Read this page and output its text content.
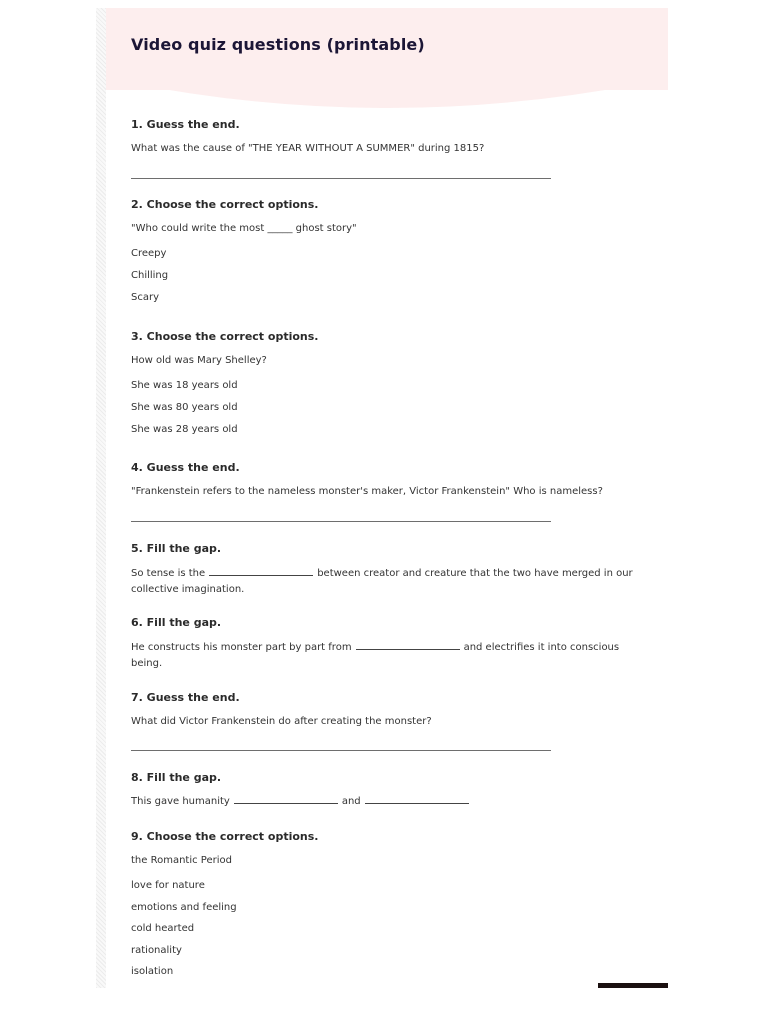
Video quiz questions (printable)

1. Guess the end.

What was the cause of "THE YEAR WITHOUT A SUMMER" during 1815?

2. Choose the correct options.

"Who could write the most _____ ghost story"

Creepy

Chilling

Scary

3. Choose the correct options.

How old was Mary Shelley?

She was 18 years old

She was 80 years old

She was 28 years old

4. Guess the end.

"Frankenstein refers to the nameless monster's maker, Victor Frankenstein" Who is nameless?

5. Fill the gap.

So tense is the	between creator and creature that the two have merged in our collective imagination.

6. Fill the gap.

He constructs his monster part by part from	and electrifies it into conscious being.

7. Guess the end.

What did Victor Frankenstein do after creating the monster?

8. Fill the gap.

This gave humanity	and

9. Choose the correct options.

the Romantic Period

love for nature

emotions and feeling

cold hearted

rationality

isolation
